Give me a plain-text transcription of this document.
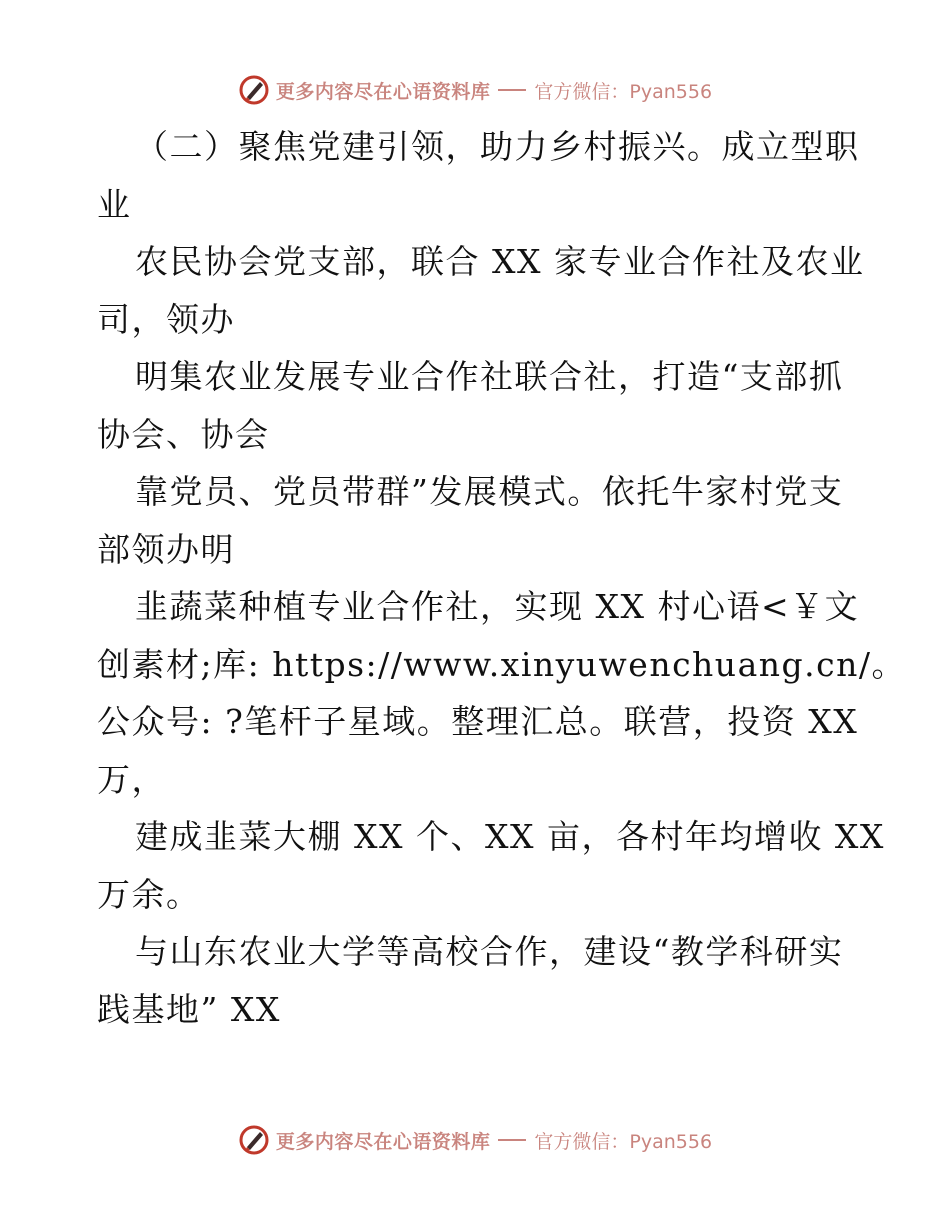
更多内容尽在心语资料库 官方微信：Pyan556
（二）聚焦党建引领，助力乡村振兴。成立型职
业
农民协会党支部，联合 XX 家专业合作社及农业
司，领办
明集农业发展专业合作社联合社，打造“支部抓
协会、协会
靠党员、党员带群”发展模式。依托牛家村党支
部领办明
韭蔬菜种植专业合作社，实现 XX 村心语<￥文
创素材;库: https://www.xinyuwenchuang.cn/。
公众号: ?笔杆子星域。整理汇总。联营，投资 XX
万，
建成韭菜大棚 XX 个、XX 亩，各村年均增收 XX
万余。
与山东农业大学等高校合作，建设“教学科研实
践基地” XX
更多内容尽在心语资料库 官方微信：Pyan556
